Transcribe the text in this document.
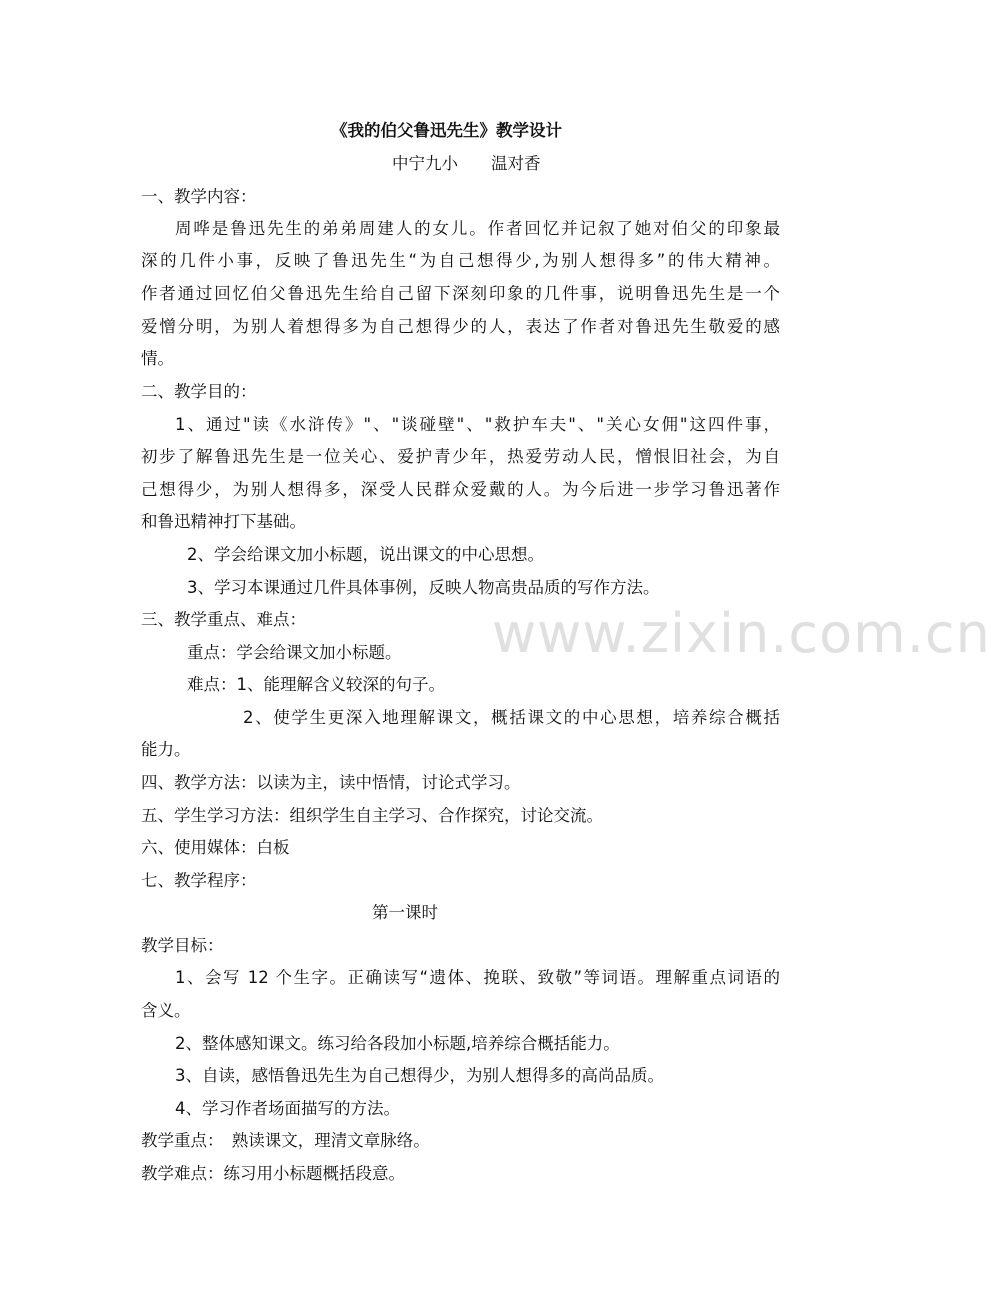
《我的伯父鲁迅先生》教学设计
中宁九小　　温对香
一、教学内容：
周哗是鲁迅先生的弟弟周建人的女儿。作者回忆并记叙了她对伯父的印象最
深的几件小事，反映了鲁迅先生“为自己想得少,为别人想得多”的伟大精神。
作者通过回忆伯父鲁迅先生给自己留下深刻印象的几件事，说明鲁迅先生是一个
爱憎分明，为别人着想得多为自己想得少的人，表达了作者对鲁迅先生敬爱的感
情。
二、教学目的：
1、通过"读《水浒传》"、"谈碰壁"、"救护车夫"、"关心女佣"这四件事，
初步了解鲁迅先生是一位关心、爱护青少年，热爱劳动人民，憎恨旧社会，为自
己想得少，为别人想得多，深受人民群众爱戴的人。为今后进一步学习鲁迅著作
和鲁迅精神打下基础。
2、学会给课文加小标题，说出课文的中心思想。
3、学习本课通过几件具体事例，反映人物高贵品质的写作方法。
三、教学重点、难点：
重点：学会给课文加小标题。
难点：1、能理解含义较深的句子。
2、使学生更深入地理解课文，概括课文的中心思想，培养综合概括
能力。
四、教学方法：以读为主，读中悟情，讨论式学习。
五、学生学习方法：组织学生自主学习、合作探究，讨论交流。
六、使用媒体：白板
七、教学程序：
第一课时
教学目标：
1、会写 12 个生字。正确读写“遗体、挽联、致敬”等词语。理解重点词语的
含义。
2、整体感知课文。练习给各段加小标题,培养综合概括能力。
3、自读，感悟鲁迅先生为自己想得少，为别人想得多的高尚品质。
4、学习作者场面描写的方法。
教学重点：　熟读课文，理清文章脉络。
教学难点：练习用小标题概括段意。
www.zixin.com.cn
